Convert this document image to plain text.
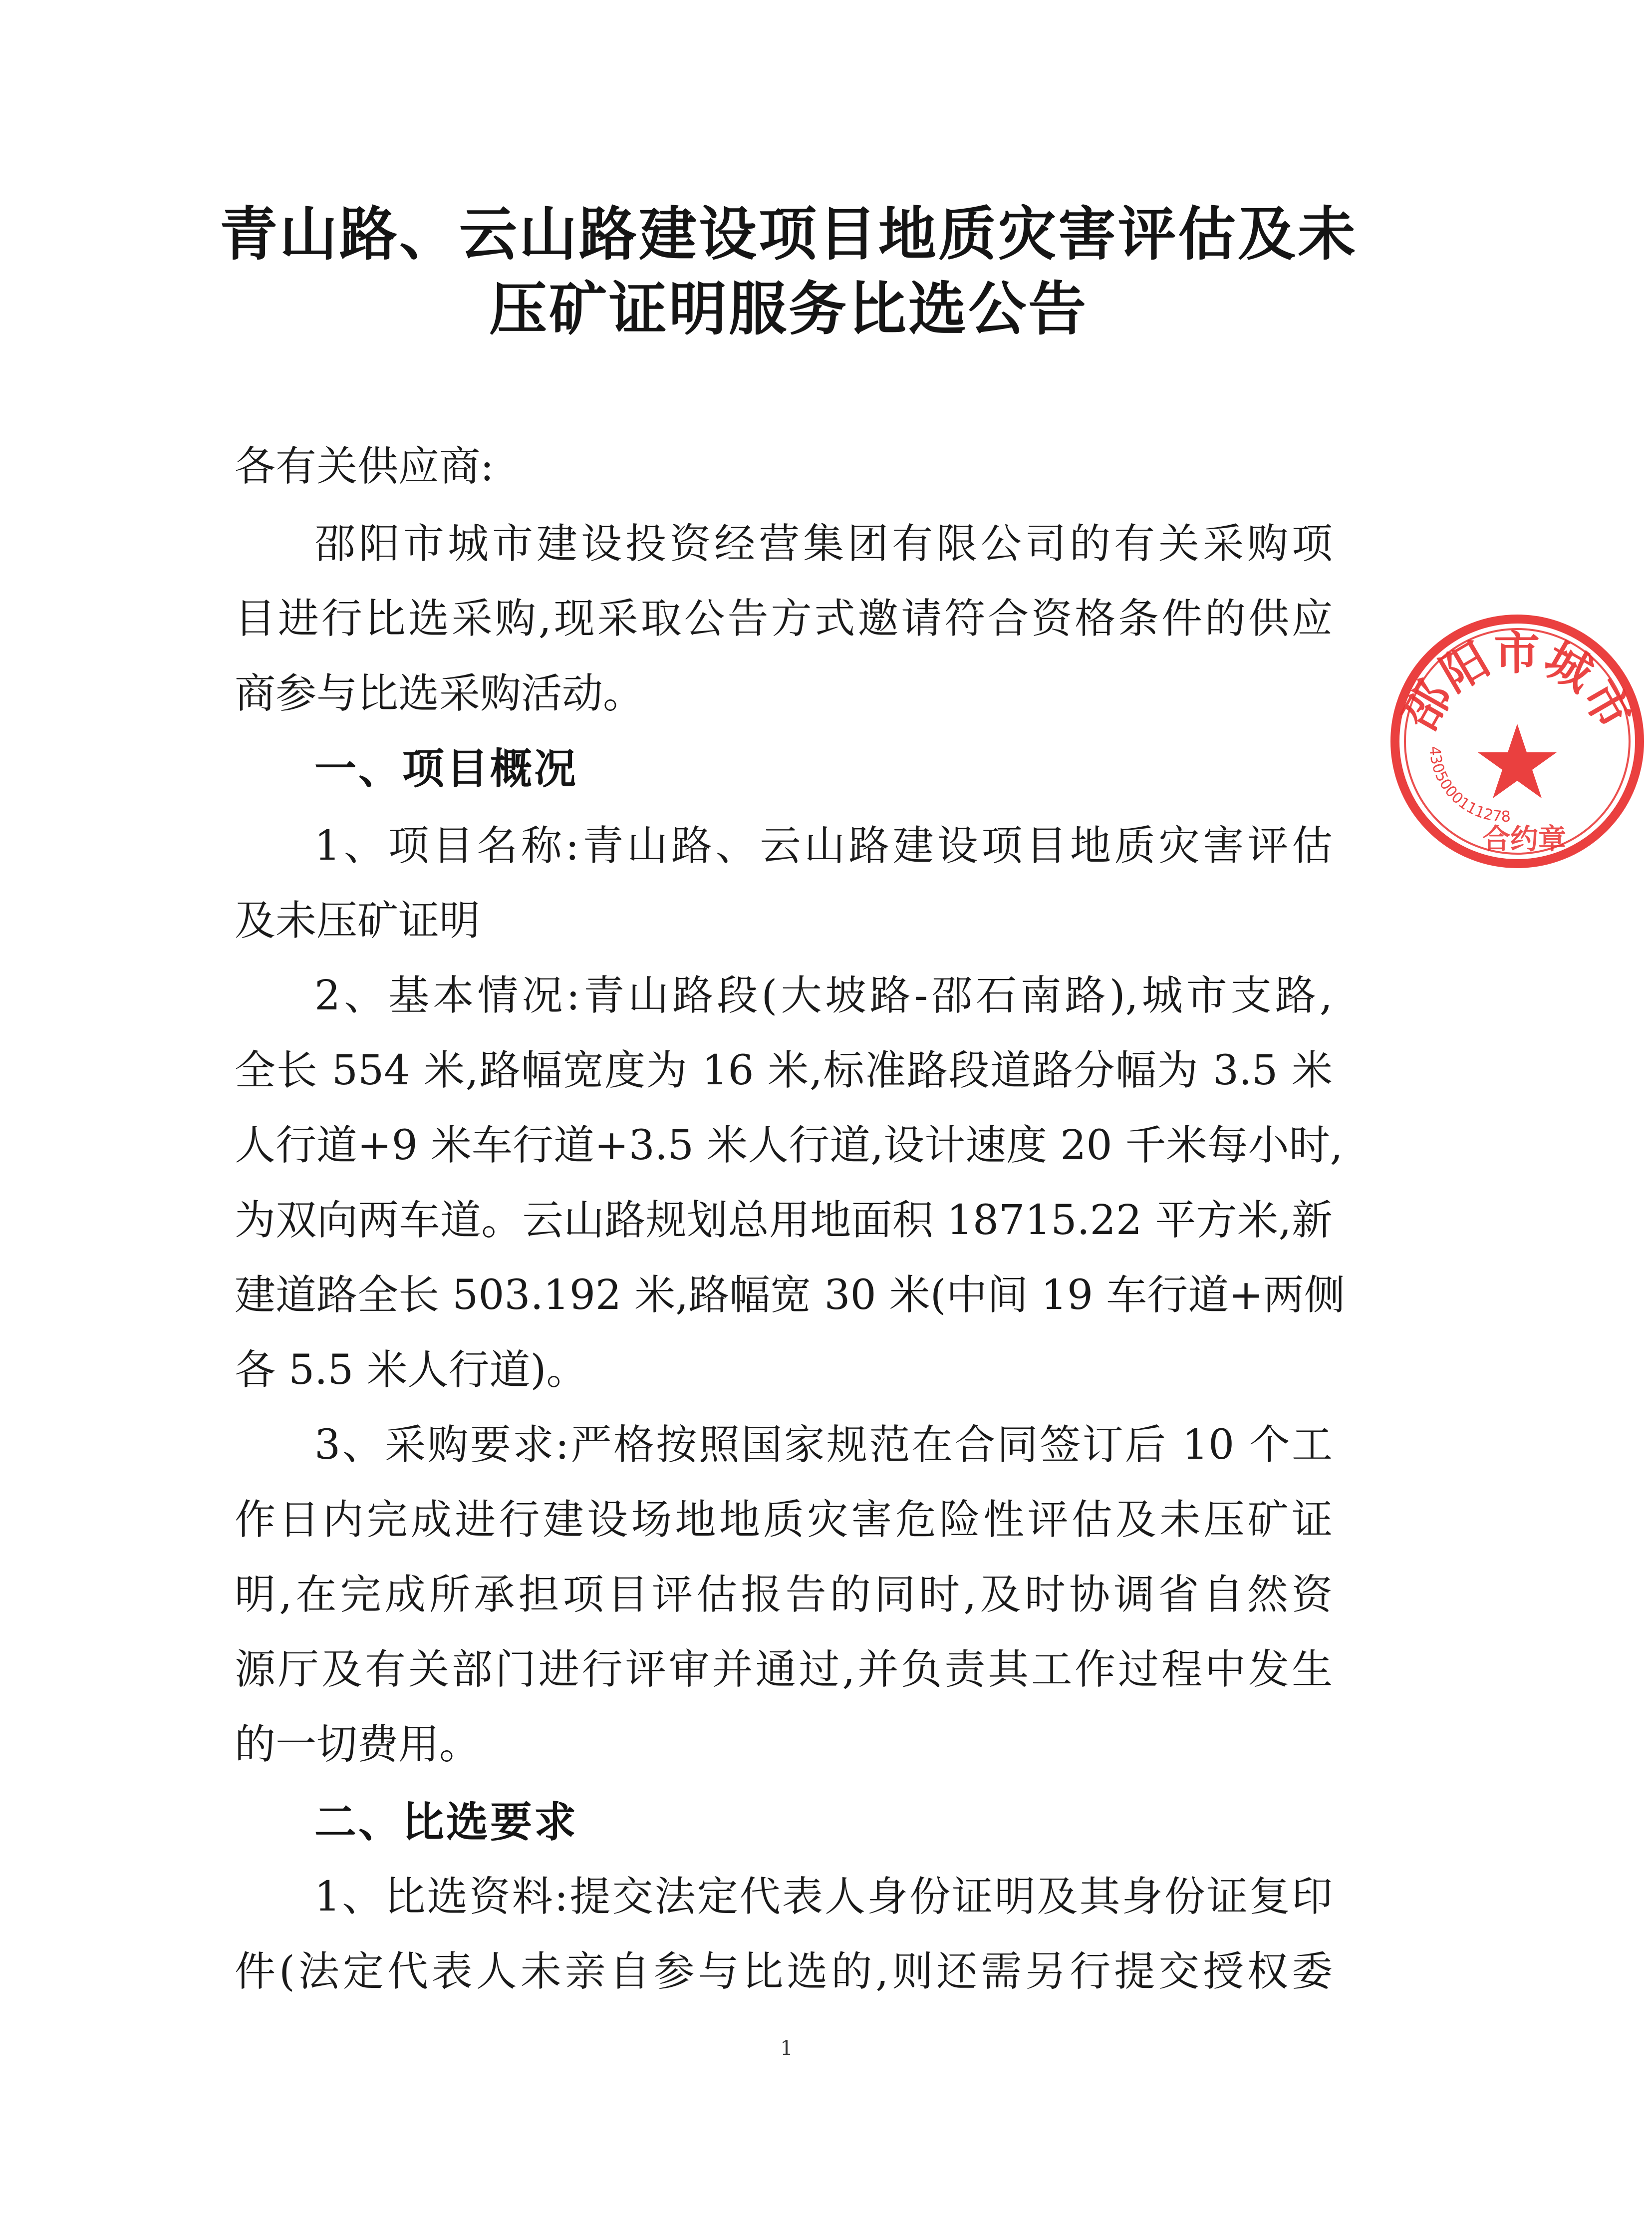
青山路、云山路建设项目地质灾害评估及未
压矿证明服务比选公告
各有关供应商:
邵阳市城市建设投资经营集团有限公司的有关采购项
目进行比选采购,现采取公告方式邀请符合资格条件的供应
商参与比选采购活动。
一、项目概况
1、项目名称:青山路、云山路建设项目地质灾害评估
及未压矿证明
2、基本情况:青山路段(大坡路-邵石南路),城市支路,
全长 554 米,路幅宽度为 16 米,标准路段道路分幅为 3.5 米
人行道+9 米车行道+3.5 米人行道,设计速度 20 千米每小时,
为双向两车道。云山路规划总用地面积 18715.22 平方米,新
建道路全长 503.192 米,路幅宽 30 米(中间 19 车行道+两侧
各 5.5 米人行道)。
3、采购要求:严格按照国家规范在合同签订后 10 个工
作日内完成进行建设场地地质灾害危险性评估及未压矿证
明,在完成所承担项目评估报告的同时,及时协调省自然资
源厅及有关部门进行评审并通过,并负责其工作过程中发生
的一切费用。
二、比选要求
1、比选资料:提交法定代表人身份证明及其身份证复印
件(法定代表人未亲自参与比选的,则还需另行提交授权委
1
邵阳市城市
4305000111278
合约章
